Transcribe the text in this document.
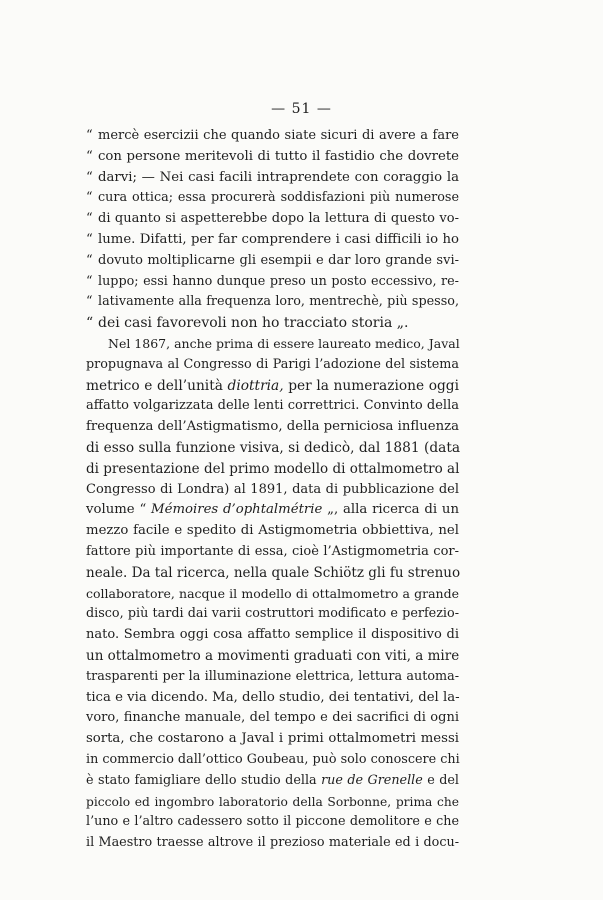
— 51 —
“ mercè esercizii che quando siate sicuri di avere a fare
“ con persone meritevoli di tutto il fastidio che dovrete
“ darvi; — Nei casi facili intraprendete con coraggio la
“ cura ottica; essa procurerà soddisfazioni più numerose
“ di quanto si aspetterebbe dopo la lettura di questo vo-
“ lume. Difatti, per far comprendere i casi difficili io ho
“ dovuto moltiplicarne gli esempii e dar loro grande svi-
“ luppo; essi hanno dunque preso un posto eccessivo, re-
“ lativamente alla frequenza loro, mentrechè, più spesso,
“ dei casi favorevoli non ho tracciato storia „.
Nel 1867, anche prima di essere laureato medico, Javal
propugnava al Congresso di Parigi l’adozione del sistema
metrico e dell’unità diottria, per la numerazione oggi
affatto volgarizzata delle lenti correttrici. Convinto della
frequenza dell’Astigmatismo, della perniciosa influenza
di esso sulla funzione visiva, si dedicò, dal 1881 (data
di presentazione del primo modello di ottalmometro al
Congresso di Londra) al 1891, data di pubblicazione del
volume “ Mémoires d’ophtalmétrie „, alla ricerca di un
mezzo facile e spedito di Astigmometria obbiettiva, nel
fattore più importante di essa, cioè l’Astigmometria cor-
neale. Da tal ricerca, nella quale Schiötz gli fu strenuo
collaboratore, nacque il modello di ottalmometro a grande
disco, più tardi dai varii costruttori modificato e perfezio-
nato. Sembra oggi cosa affatto semplice il dispositivo di
un ottalmometro a movimenti graduati con viti, a mire
trasparenti per la illuminazione elettrica, lettura automa-
tica e via dicendo. Ma, dello studio, dei tentativi, del la-
voro, finanche manuale, del tempo e dei sacrifici di ogni
sorta, che costarono a Javal i primi ottalmometri messi
in commercio dall’ottico Goubeau, può solo conoscere chi
è stato famigliare dello studio della rue de Grenelle e del
piccolo ed ingombro laboratorio della Sorbonne, prima che
l’uno e l’altro cadessero sotto il piccone demolitore e che
il Maestro traesse altrove il prezioso materiale ed i docu-
